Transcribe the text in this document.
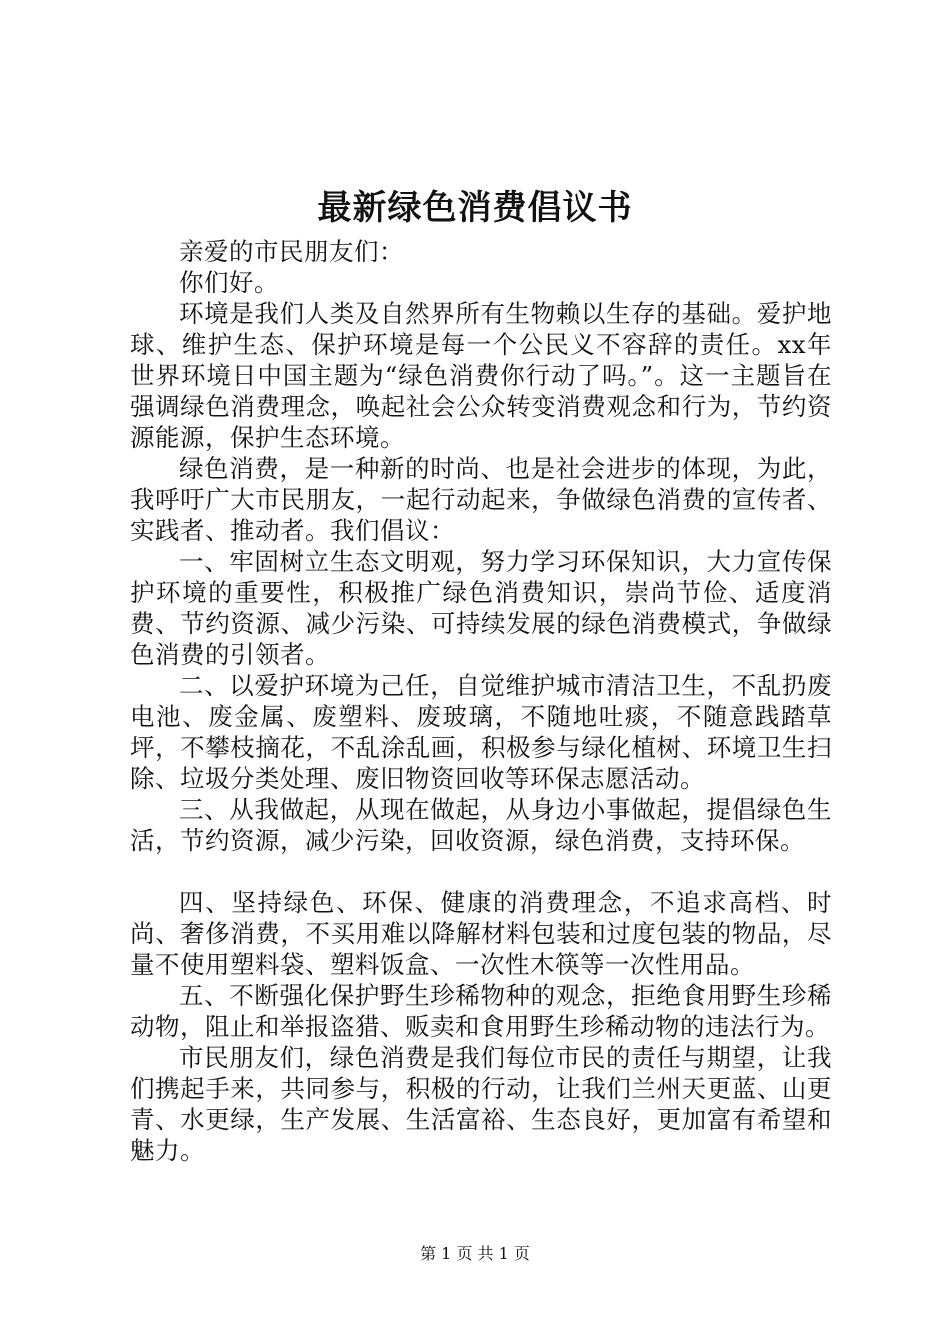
最新绿色消费倡议书

亲爱的市民朋友们：

你们好。

环境是我们人类及自然界所有生物赖以生存的基础。爱护地球、维护生态、保护环境是每一个公民义不容辞的责任。xx年世界环境日中国主题为“绿色消费你行动了吗。”。这一主题旨在强调绿色消费理念，唤起社会公众转变消费观念和行为，节约资源能源，保护生态环境。

绿色消费，是一种新的时尚、也是社会进步的体现，为此，我呼吁广大市民朋友，一起行动起来，争做绿色消费的宣传者、实践者、推动者。我们倡议：

一、牢固树立生态文明观，努力学习环保知识，大力宣传保护环境的重要性，积极推广绿色消费知识，崇尚节俭、适度消费、节约资源、减少污染、可持续发展的绿色消费模式，争做绿色消费的引领者。

二、以爱护环境为己任，自觉维护城市清洁卫生，不乱扔废电池、废金属、废塑料、废玻璃，不随地吐痰，不随意践踏草坪，不攀枝摘花，不乱涂乱画，积极参与绿化植树、环境卫生扫除、垃圾分类处理、废旧物资回收等环保志愿活动。

三、从我做起，从现在做起，从身边小事做起，提倡绿色生活，节约资源，减少污染，回收资源，绿色消费，支持环保。

四、坚持绿色、环保、健康的消费理念，不追求高档、时尚、奢侈消费，不买用难以降解材料包装和过度包装的物品，尽量不使用塑料袋、塑料饭盒、一次性木筷等一次性用品。

五、不断强化保护野生珍稀物种的观念，拒绝食用野生珍稀动物，阻止和举报盗猎、贩卖和食用野生珍稀动物的违法行为。

市民朋友们，绿色消费是我们每位市民的责任与期望，让我们携起手来，共同参与，积极的行动，让我们兰州天更蓝、山更青、水更绿，生产发展、生活富裕、生态良好，更加富有希望和魅力。

第 1 页 共 1 页
